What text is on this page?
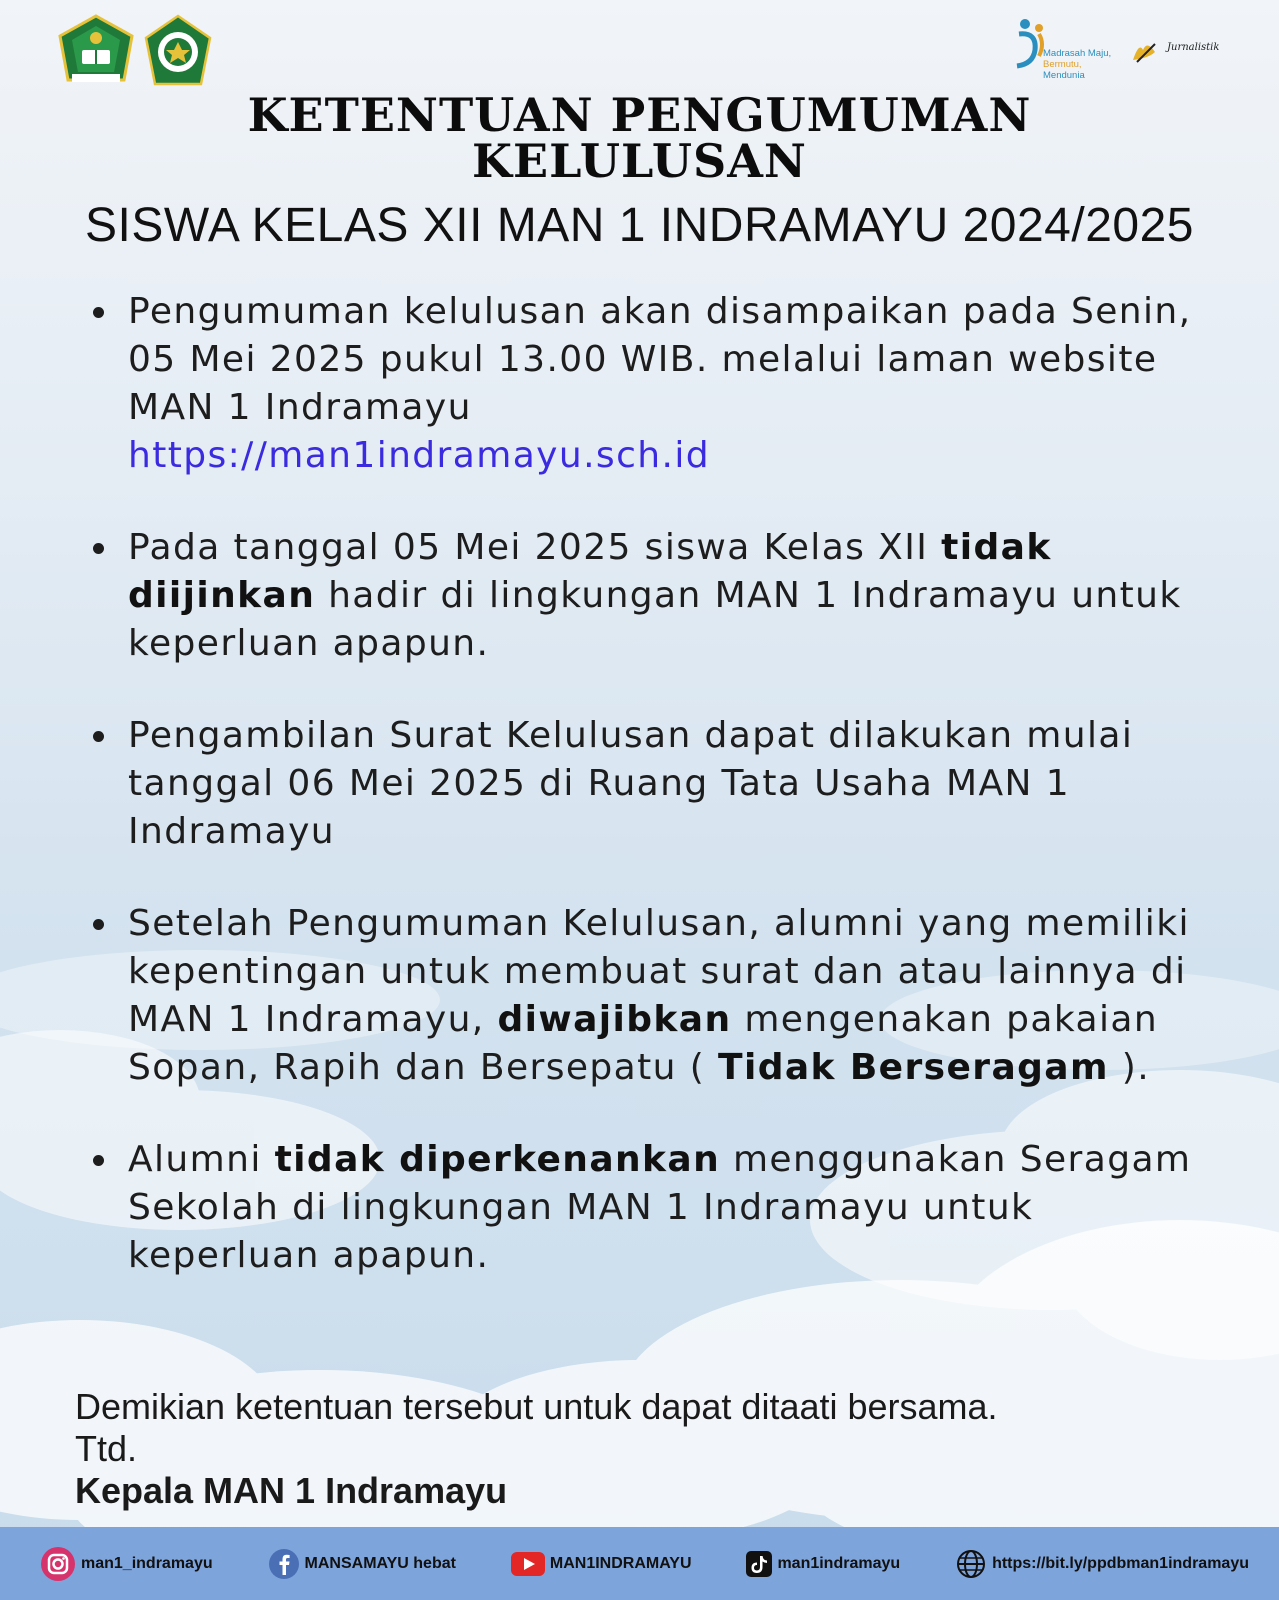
Madrasah Maju,
Bermutu,
Mendunia
Jurnalistik
KETENTUAN PENGUMUMAN
KELULUSAN
SISWA KELAS XII MAN 1 INDRAMAYU 2024/2025
Pengumuman kelulusan akan disampaikan pada Senin, 05 Mei 2025 pukul 13.00 WIB. melalui laman website MAN 1 Indramayu
https://man1indramayu.sch.id
Pada tanggal 05 Mei 2025 siswa Kelas XII tidak diijinkan hadir di lingkungan MAN 1 Indramayu untuk keperluan apapun.
Pengambilan Surat Kelulusan dapat dilakukan mulai tanggal 06 Mei 2025 di Ruang Tata Usaha MAN 1 Indramayu
Setelah Pengumuman Kelulusan, alumni yang memiliki kepentingan untuk membuat surat dan atau lainnya di MAN 1 Indramayu, diwajibkan mengenakan pakaian Sopan, Rapih dan Bersepatu ( Tidak Berseragam ).
Alumni tidak diperkenankan menggunakan Seragam Sekolah di lingkungan MAN 1 Indramayu untuk keperluan apapun.
Demikian ketentuan tersebut untuk dapat ditaati bersama.
Ttd.
Kepala MAN 1 Indramayu
man1_indramayu	MANSAMAYU hebat	MAN1INDRAMAYU	man1indramayu	https://bit.ly/ppdbman1indramayu
